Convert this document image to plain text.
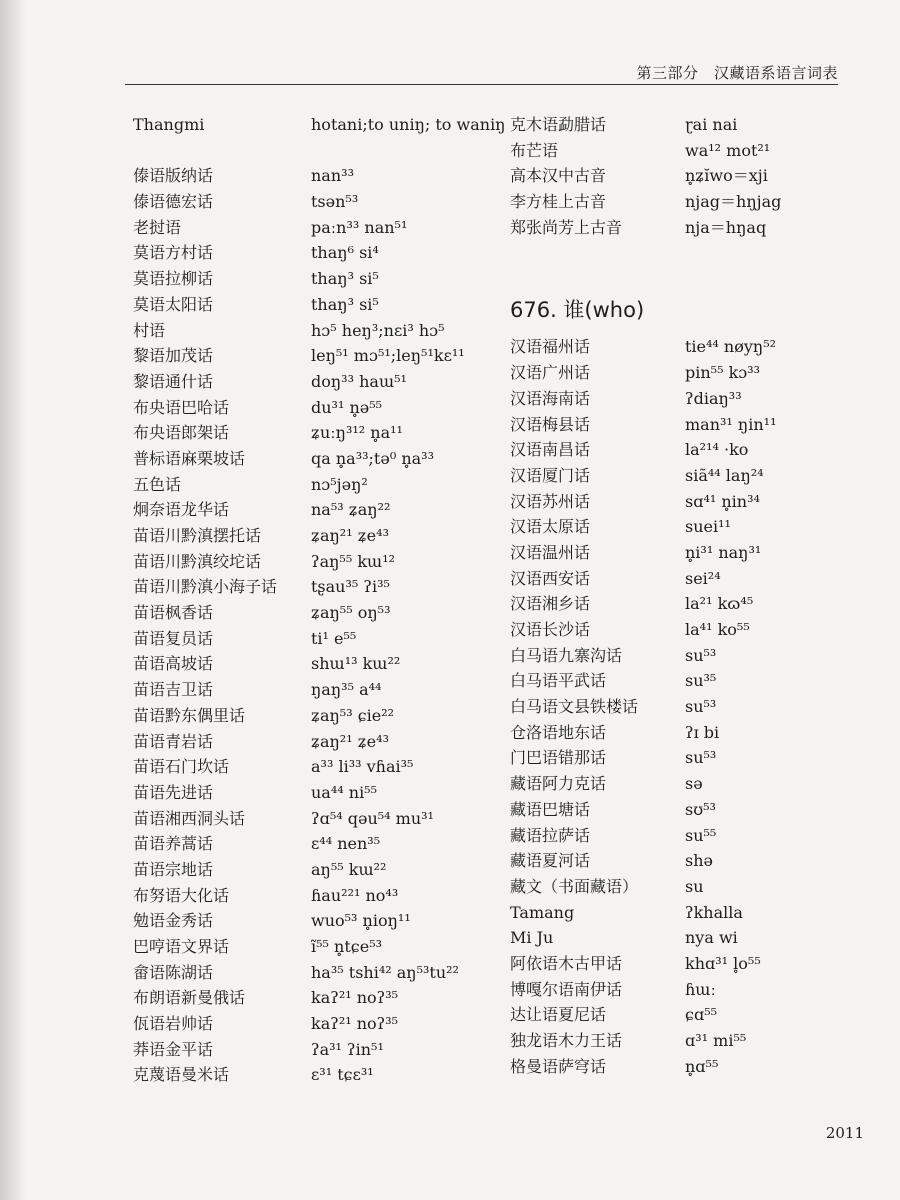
第三部分　汉藏语系语言词表
Thangmi	hotani;to uniŋ; to waniŋ
傣语版纳话	nan³³
傣语德宏话	tsən⁵³
老挝语	paːn³³ nan⁵¹
莫语方村话	thaŋ⁶ si⁴
莫语拉柳话	thaŋ³ si⁵
莫语太阳话	thaŋ³ si⁵
村语	hɔ⁵ heŋ³;nɛi³ hɔ⁵
黎语加茂话	leŋ⁵¹ mɔ⁵¹;leŋ⁵¹kɛ¹¹
黎语通什话	doŋ³³ haɯ⁵¹
布央语巴哈话	du³¹ n̥ə⁵⁵
布央语郎架话	ʑuːŋ³¹² n̥a¹¹
普标语麻栗坡话	qa n̥a³³;tə⁰ n̥a³³
五色话	nɔ⁵jəŋ²
炯奈语龙华话	na⁵³ ʑaŋ²²
苗语川黔滇摆托话	ʑaŋ²¹ ʑe⁴³
苗语川黔滇绞坨话	ʔaŋ⁵⁵ kɯ¹²
苗语川黔滇小海子话 tʂau³⁵ ʔi³⁵
苗语枫香话	ʑaŋ⁵⁵ oŋ⁵³
苗语复员话	ti¹ e⁵⁵
苗语高坡话	shɯ¹³ kɯ²²
苗语吉卫话	ŋaŋ³⁵ a⁴⁴
苗语黔东偶里话	ʑaŋ⁵³ ɕie²²
苗语青岩话	ʑaŋ²¹ ʑe⁴³
苗语石门坎话	a³³ li³³ vɦai³⁵
苗语先进话	ua⁴⁴ ni⁵⁵
苗语湘西洞头话	ʔɑ⁵⁴ qəu⁵⁴ mu³¹
苗语养蒿话	ɛ⁴⁴ nen³⁵
苗语宗地话	aŋ⁵⁵ kɯ²²
布努语大化话	ɦau²²¹ no⁴³
勉语金秀话	wuo⁵³ n̥ioŋ¹¹
巴哼语文界话	ĩ⁵⁵ n̥tɕe⁵³
畲语陈湖话	ha³⁵ tshi⁴² aŋ⁵³tu²²
布朗语新曼俄话	kaʔ²¹ noʔ³⁵
佤语岩帅话	kaʔ²¹ noʔ³⁵
莽语金平话	ʔa³¹ ʔin⁵¹
克蔑语曼米话	ɛ³¹ tɕɛ³¹
克木语勐腊话	ɽai nai
布芒语	wa¹² mot²¹
高本汉中古音	n̥ʑĭwo＝xji
李方桂上古音	njag＝hŋjag
郑张尚芳上古音	nja＝hŋaq
676. 谁(who)
汉语福州话	tie⁴⁴ nøyŋ⁵²
汉语广州话	pin⁵⁵ kɔ³³
汉语海南话	ʔdiaŋ³³
汉语梅县话	man³¹ ŋin¹¹
汉语南昌话	la²¹⁴ ·ko
汉语厦门话	siã⁴⁴ laŋ²⁴
汉语苏州话	sɑ⁴¹ n̥in³⁴
汉语太原话	suei¹¹
汉语温州话	n̥i³¹ naŋ³¹
汉语西安话	sei²⁴
汉语湘乡话	la²¹ kɷ⁴⁵
汉语长沙话	la⁴¹ ko⁵⁵
白马语九寨沟话	su⁵³
白马语平武话	su³⁵
白马语文县铁楼话	su⁵³
仓洛语地东话	ʔɪ bi
门巴语错那话	su⁵³
藏语阿力克话	sə
藏语巴塘话	sʊ⁵³
藏语拉萨话	su⁵⁵
藏语夏河话	shə
藏文（书面藏语）	su
Tamang	ʔkhalla
Mi Ju	nya wi
阿依语木古甲话	khɑ³¹ l̥o⁵⁵
博嘎尔语南伊话	ɦɯː
达让语夏尼话	ɕɑ⁵⁵
独龙语木力王话	ɑ³¹ mi⁵⁵
格曼语萨穹话	n̥ɑ⁵⁵
2011
